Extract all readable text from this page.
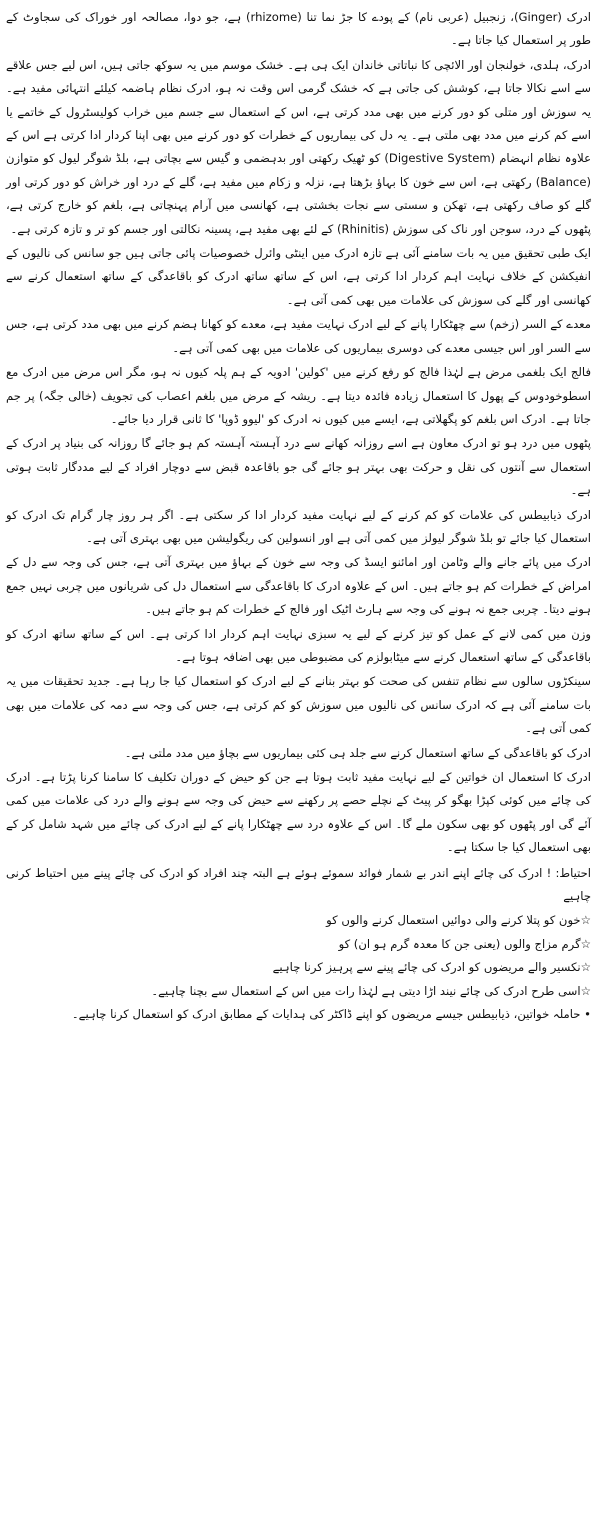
ادرک (Ginger)، زنجبیل (عربی نام) کے پودے کا جڑ نما تنا (rhizome) ہے، جو دوا، مصالحہ اور خوراک کی سجاوٹ کے طور پر استعمال کیا جاتا ہے۔

ادرک، ہلدی، خولنجان اور الائچی کا نباتاتی خاندان ایک ہی ہے۔ خشک موسم میں یہ سوکھ جاتی ہیں، اس لیے جس علاقے سے اسے نکالا جاتا ہے، کوشش کی جاتی ہے کہ خشک گرمی اس وقت نہ ہو، ادرک نظام ہاضمہ کیلئے انتہائی مفید ہے۔ یہ سوزش اور متلی کو دور کرنے میں بھی مدد کرتی ہے، اس کے استعمال سے جسم میں خراب کولیسٹرول کے خاتمے یا اسے کم کرنے میں مدد بھی ملتی ہے۔ یہ دل کی بیماریوں کے خطرات کو دور کرنے میں بھی اپنا کردار ادا کرتی ہے اس کے علاوہ نظام انہضام (Digestive System) کو ٹھیک رکھتی اور بدہضمی و گیس سے بچاتی ہے، بلڈ شوگر لیول کو متوازن (Balance) رکھتی ہے، اس سے خون کا بہاؤ بڑھتا ہے، نزلہ و زکام میں مفید ہے، گلے کے درد اور خراش کو دور کرتی اور گلے کو صاف رکھتی ہے، تھکن و سستی سے نجات بخشتی ہے، کھانسی میں آرام پہنچاتی ہے، بلغم کو خارج کرتی ہے، پٹھوں کے درد، سوجن اور ناک کی سوزش (Rhinitis) کے لئے بھی مفید ہے، پسینہ نکالتی اور جسم کو تر و تازہ کرتی ہے۔

ایک طبی تحقیق میں یہ بات سامنے آئی ہے تازہ ادرک میں اینٹی وائرل خصوصیات پائی جاتی ہیں جو سانس کی نالیوں کے انفیکشن کے خلاف نہایت اہم کردار ادا کرتی ہے، اس کے ساتھ ساتھ ادرک کو باقاعدگی کے ساتھ استعمال کرنے سے کھانسی اور گلے کی سوزش کی علامات میں بھی کمی آتی ہے۔

معدے کے السر (زخم) سے چھٹکارا پانے کے لیے ادرک نہایت مفید ہے، معدے کو کھانا ہضم کرنے میں بھی مدد کرتی ہے، جس سے السر اور اس جیسی معدے کی دوسری بیماریوں کی علامات میں بھی کمی آتی ہے۔

فالج ایک بلغمی مرض ہے لہٰذا فالج کو رفع کرنے میں 'کولین' ادویہ کے ہم پلہ کیوں نہ ہو، مگر اس مرض میں ادرک مع اسطوخودوس کے پھول کا استعمال زیادہ فائدہ دیتا ہے۔ ریشہ کے مرض میں بلغم اعصاب کی تجویف (خالی جگہ) پر جم جاتا ہے۔ ادرک اس بلغم کو پگھلاتی ہے، ایسے میں کیوں نہ ادرک کو 'لیوو ڈوپا' کا ثانی قرار دیا جائے۔

پٹھوں میں درد ہو تو ادرک معاون ہے اسے روزانہ کھانے سے درد آہستہ آہستہ کم ہو جائے گا روزانہ کی بنیاد پر ادرک کے استعمال سے آنتوں کی نقل و حرکت بھی بہتر ہو جائے گی جو باقاعدہ قبض سے دوچار افراد کے لیے مددگار ثابت ہوتی ہے۔

ادرک ذیابیطس کی علامات کو کم کرنے کے لیے نہایت مفید کردار ادا کر سکتی ہے۔ اگر ہر روز چار گرام تک ادرک کو استعمال کیا جائے تو بلڈ شوگر لیولز میں کمی آتی ہے اور انسولین کی ریگولیشن میں بھی بہتری آتی ہے۔

ادرک میں پائے جانے والے وٹامن اور امائنو ایسڈ کی وجہ سے خون کے بہاؤ میں بہتری آتی ہے، جس کی وجہ سے دل کے امراض کے خطرات کم ہو جاتے ہیں۔ اس کے علاوہ ادرک کا باقاعدگی سے استعمال دل کی شریانوں میں چربی نہیں جمع ہونے دیتا۔ چربی جمع نہ ہونے کی وجہ سے ہارٹ اٹیک اور فالج کے خطرات کم ہو جاتے ہیں۔

وزن میں کمی لانے کے عمل کو تیز کرنے کے لیے یہ سبزی نہایت اہم کردار ادا کرتی ہے۔ اس کے ساتھ ساتھ ادرک کو باقاعدگی کے ساتھ استعمال کرنے سے میٹابولزم کی مضبوطی میں بھی اضافہ ہوتا ہے۔

سینکڑوں سالوں سے نظام تنفس کی صحت کو بہتر بنانے کے لیے ادرک کو استعمال کیا جا رہا ہے۔ جدید تحقیقات میں یہ بات سامنے آئی ہے کہ ادرک سانس کی نالیوں میں سوزش کو کم کرتی ہے، جس کی وجہ سے دمہ کی علامات میں بھی کمی آتی ہے۔

ادرک کو باقاعدگی کے ساتھ استعمال کرنے سے جلد ہی کئی بیماریوں سے بچاؤ میں مدد ملتی ہے۔

ادرک کا استعمال ان خواتین کے لیے نہایت مفید ثابت ہوتا ہے جن کو حیض کے دوران تکلیف کا سامنا کرنا پڑتا ہے۔ ادرک کی چائے میں کوئی کپڑا بھگو کر پیٹ کے نچلے حصے پر رکھنے سے حیض کی وجہ سے ہونے والے درد کی علامات میں کمی آئے گی اور پٹھوں کو بھی سکون ملے گا۔ اس کے علاوہ درد سے چھٹکارا پانے کے لیے ادرک کی چائے میں شہد شامل کر کے بھی استعمال کیا جا سکتا ہے۔

احتیاط: ! ادرک کی چائے اپنے اندر بے شمار فوائد سموئے ہوئے ہے البتہ چند افراد کو ادرک کی چائے پینے میں احتیاط کرنی چاہیے

☆خون کو پتلا کرنے والی دوائیں استعمال کرنے والوں کو

☆گرم مزاج والوں (یعنی جن کا معدہ گرم ہو ان) کو

☆نکسیر والے مریضوں کو ادرک کی چائے پینے سے پرہیز کرنا چاہیے

☆اسی طرح ادرک کی چائے نیند اڑا دیتی ہے لہٰذا رات میں اس کے استعمال سے بچنا چاہیے۔

• حاملہ خواتین، ذیابیطس جیسے مریضوں کو اپنے ڈاکٹر کی ہدایات کے مطابق ادرک کو استعمال کرنا چاہیے۔
